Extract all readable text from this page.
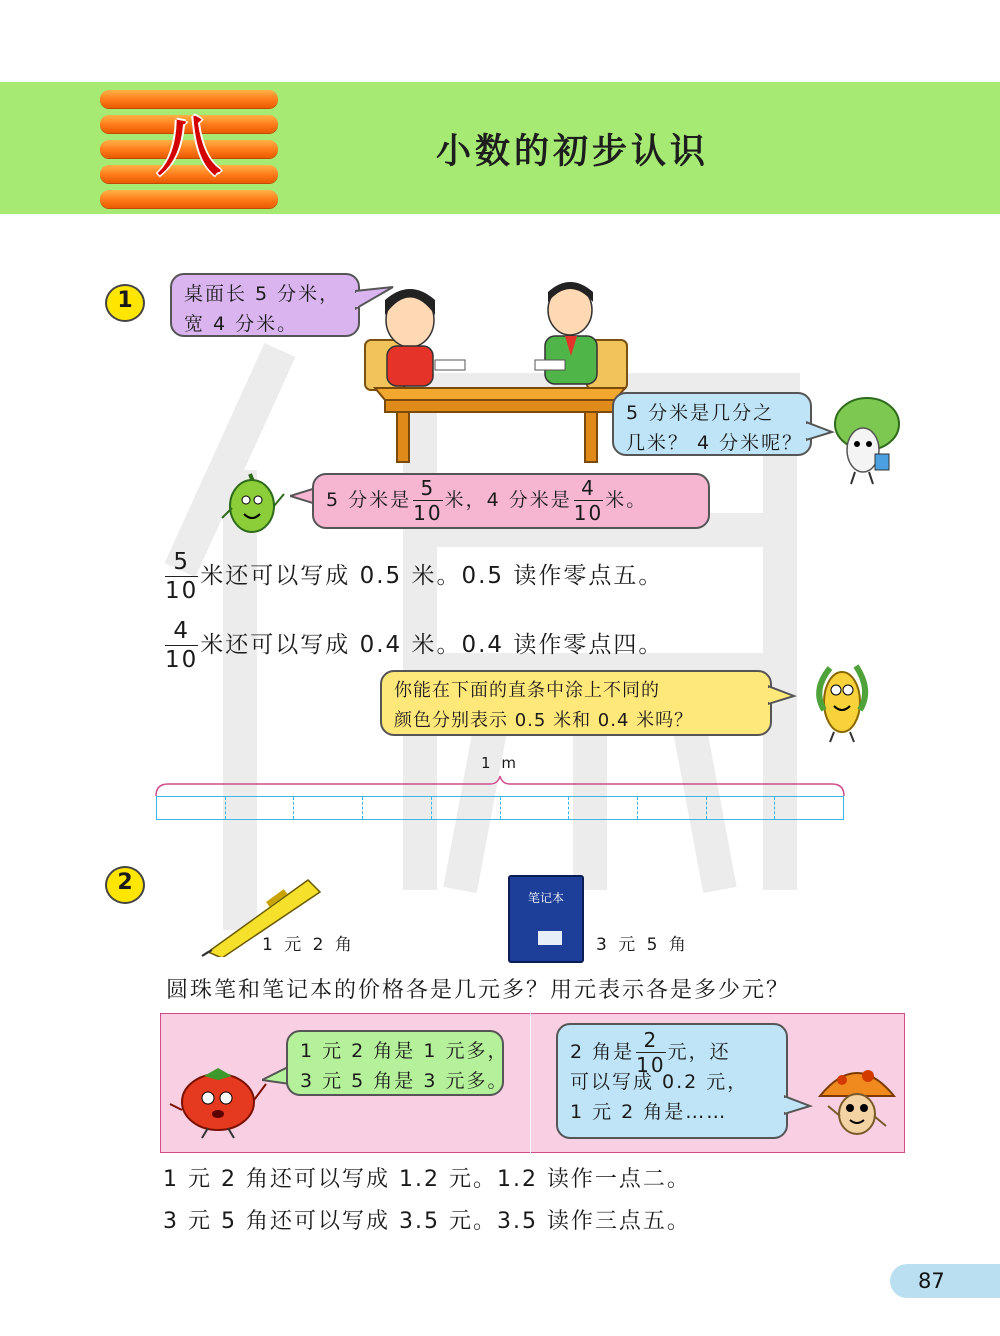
八	小数的初步认识
1	桌面长 5 分米，
宽 4 分米。
5 分米是几分之
几米？ 4 分米呢？
5 分米是 $\frac{5}{10}$ 米，4 分米是 $\frac{4}{10}$ 米。
$\frac{5}{10}$ 米还可以写成 0.5 米。0.5 读作零点五。
$\frac{4}{10}$ 米还可以写成 0.4 米。0.4 读作零点四。
你能在下面的直条中涂上不同的
颜色分别表示 0.5 米和 0.4 米吗？
1 m
2
1 元 2 角
笔记本
3 元 5 角
圆珠笔和笔记本的价格各是几元多？用元表示各是多少元？
1 元 2 角是 1 元多，
3 元 5 角是 3 元多。
2 角是 $\frac{2}{10}$ 元，还
可以写成 0.2 元，
1 元 2 角是……
1 元 2 角还可以写成 1.2 元。1.2 读作一点二。
3 元 5 角还可以写成 3.5 元。3.5 读作三点五。
87
